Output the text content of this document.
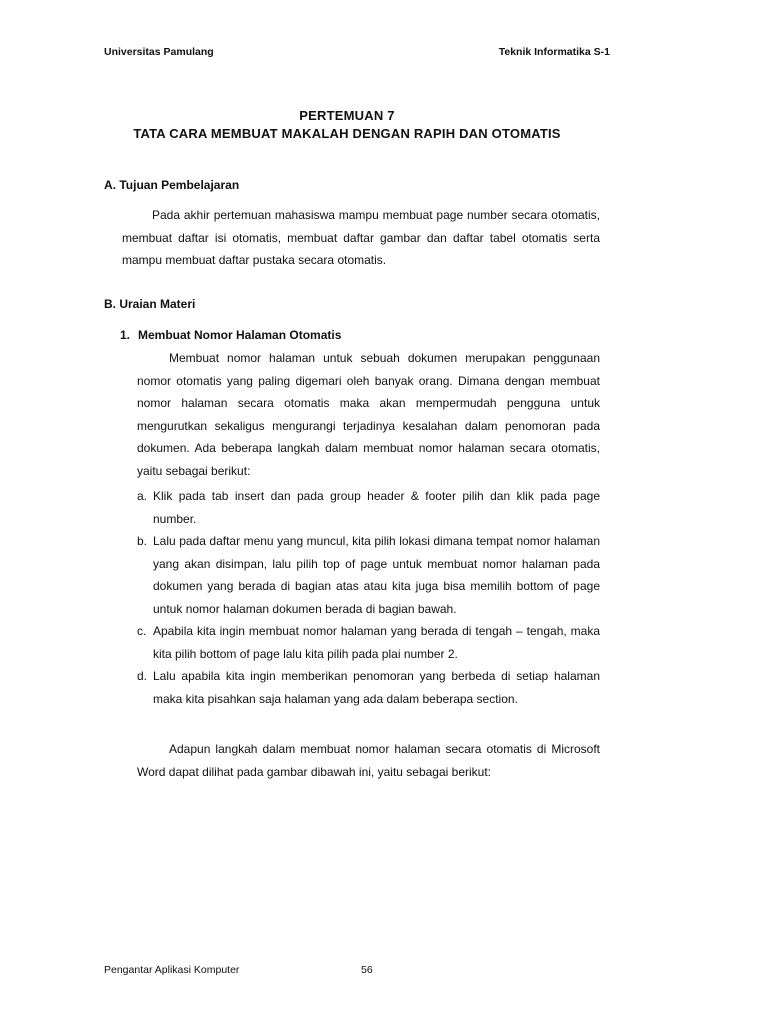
Universitas Pamulang	Teknik Informatika S-1
PERTEMUAN 7
TATA CARA MEMBUAT MAKALAH DENGAN RAPIH DAN OTOMATIS
A. Tujuan Pembelajaran
Pada akhir pertemuan mahasiswa mampu membuat page number secara otomatis, membuat daftar isi otomatis, membuat daftar gambar dan daftar tabel otomatis serta mampu membuat daftar pustaka secara otomatis.
B. Uraian Materi
1. Membuat Nomor Halaman Otomatis
Membuat nomor halaman untuk sebuah dokumen merupakan penggunaan nomor otomatis yang paling digemari oleh banyak orang. Dimana dengan membuat nomor halaman secara otomatis maka akan mempermudah pengguna untuk mengurutkan sekaligus mengurangi terjadinya kesalahan dalam penomoran pada dokumen. Ada beberapa langkah dalam membuat nomor halaman secara otomatis, yaitu sebagai berikut:
a. Klik pada tab insert dan pada group header & footer pilih dan klik pada page number.
b. Lalu pada daftar menu yang muncul, kita pilih lokasi dimana tempat nomor halaman yang akan disimpan, lalu pilih top of page untuk membuat nomor halaman pada dokumen yang berada di bagian atas atau kita juga bisa memilih bottom of page untuk nomor halaman dokumen berada di bagian bawah.
c. Apabila kita ingin membuat nomor halaman yang berada di tengah – tengah, maka kita pilih bottom of page lalu kita pilih pada plai number 2.
d. Lalu apabila kita ingin memberikan penomoran yang berbeda di setiap halaman maka kita pisahkan saja halaman yang ada dalam beberapa section.
Adapun langkah dalam membuat nomor halaman secara otomatis di Microsoft Word dapat dilihat pada gambar dibawah ini, yaitu sebagai berikut:
Pengantar Aplikasi Komputer	56
